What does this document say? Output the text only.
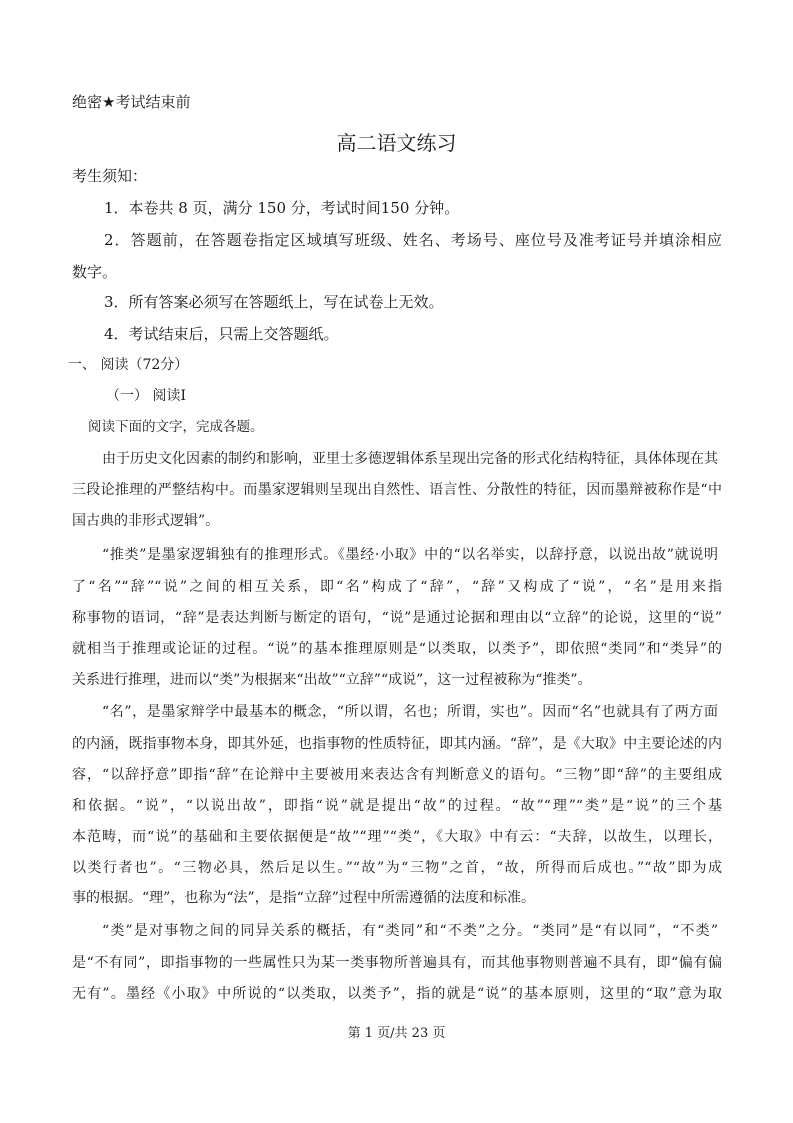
绝密★考试结束前
高二语文练习
考生须知：
1．本卷共 8 页，满分 150 分，考试时间150 分钟。
2．答题前，在答题卷指定区域填写班级、姓名、考场号、座位号及准考证号并填涂相应
数字。
3．所有答案必须写在答题纸上，写在试卷上无效。
4．考试结束后，只需上交答题纸。
一、 阅读（72分）
（一） 阅读Ⅰ
阅读下面的文字，完成各题。
由于历史文化因素的制约和影响，亚里士多德逻辑体系呈现出完备的形式化结构特征，具体体现在其
三段论推理的严整结构中。而墨家逻辑则呈现出自然性、语言性、分散性的特征，因而墨辩被称作是“中
国古典的非形式逻辑”。
“推类”是墨家逻辑独有的推理形式。《墨经·小取》中的“以名举实，以辞抒意，以说出故”就说明
了“名”“辞”“说”之间的相互关系，即“名”构成了“辞”，“辞”又构成了“说”，“名”是用来指
称事物的语词，“辞”是表达判断与断定的语句，“说”是通过论据和理由以“立辞”的论说，这里的“说”
就相当于推理或论证的过程。“说”的基本推理原则是“以类取，以类予”，即依照“类同”和“类异”的
关系进行推理，进而以“类”为根据来“出故”“立辞”“成说”，这一过程被称为“推类”。
“名”，是墨家辩学中最基本的概念，“所以谓，名也；所谓，实也”。因而“名”也就具有了两方面
的内涵，既指事物本身，即其外延，也指事物的性质特征，即其内涵。“辞”，是《大取》中主要论述的内
容，“以辞抒意”即指“辞”在论辩中主要被用来表达含有判断意义的语句。“三物”即“辞”的主要组成
和依据。“说”，“以说出故”，即指“说”就是提出“故”的过程。“故”“理”“类”是“说”的三个基
本范畴，而“说”的基础和主要依据便是“故”“理”“类”，《大取》中有云：“夫辞，以故生，以理长，
以类行者也”。“三物必具，然后足以生。”“故”为“三物”之首，“故，所得而后成也。”“故”即为成
事的根据。“理”，也称为“法”，是指“立辞”过程中所需遵循的法度和标准。
“类”是对事物之间的同异关系的概括，有“类同”和“不类”之分。“类同”是“有以同”，“不类”
是“不有同”，即指事物的一些属性只为某一类事物所普遍具有，而其他事物则普遍不具有，即“偏有偏
无有”。墨经《小取》中所说的“以类取，以类予”，指的就是“说”的基本原则，这里的“取”意为取
第 1 页/共 23 页
